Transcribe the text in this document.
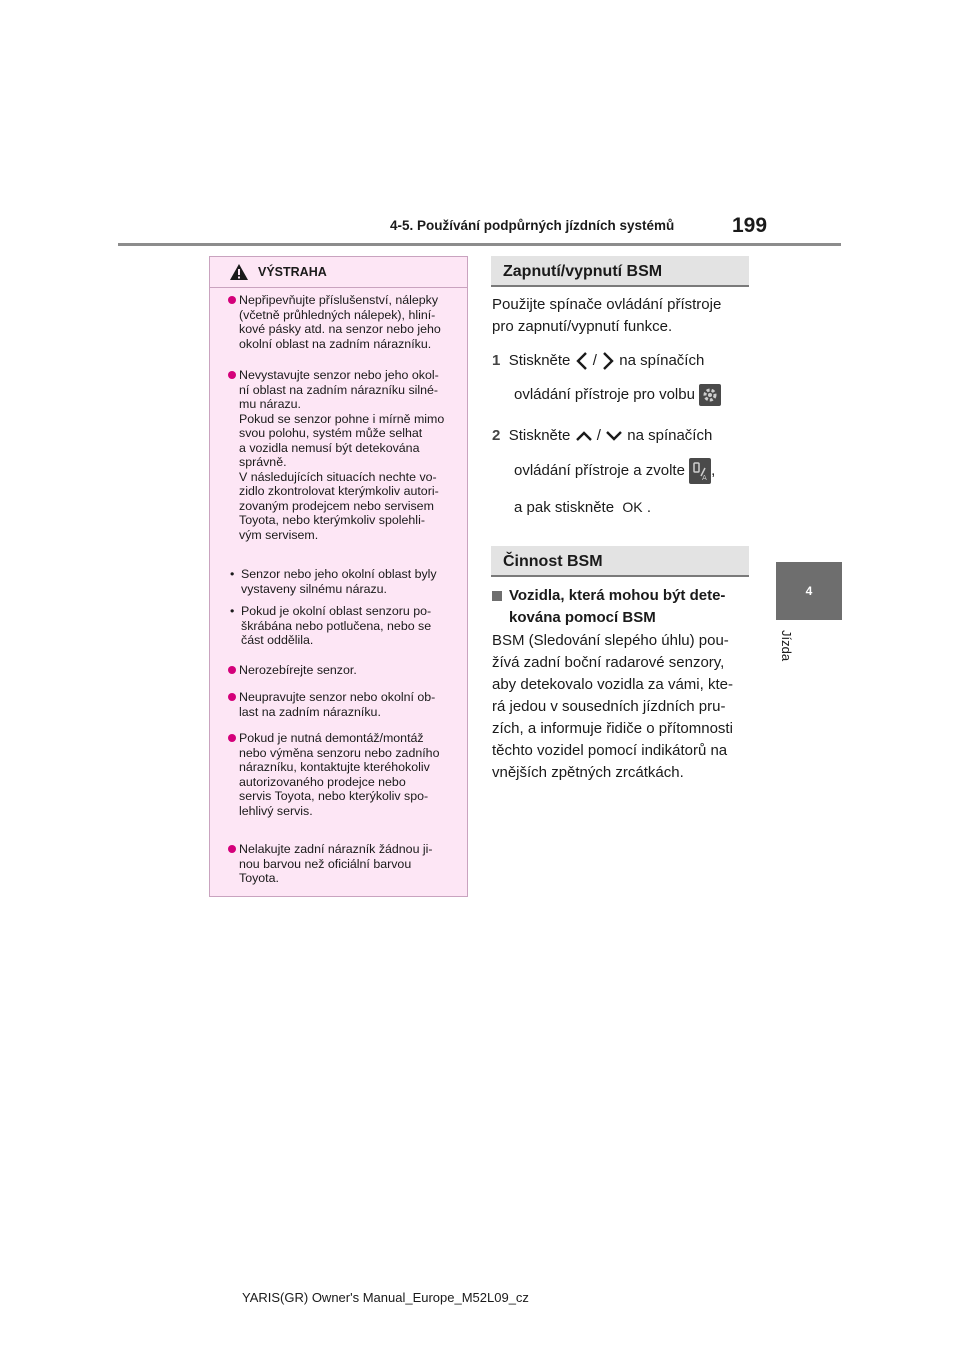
4-5. Používání podpůrných jízdních systémů	199
4
Jízda
VÝSTRAHA
Nepřipevňujte příslušenství, nálepky
(včetně průhledných nálepek), hliní-
kové pásky atd. na senzor nebo jeho
okolní oblast na zadním nárazníku.
Nevystavujte senzor nebo jeho okol-
ní oblast na zadním nárazníku silné-
mu nárazu.
Pokud se senzor pohne i mírně mimo
svou polohu, systém může selhat
a vozidla nemusí být detekována
správně.
V následujících situacích nechte vo-
zidlo zkontrolovat kterýmkoliv autori-
zovaným prodejcem nebo servisem
Toyota, nebo kterýmkoliv spolehli-
vým servisem.
• Senzor nebo jeho okolní oblast byly
vystaveny silnému nárazu.
• Pokud je okolní oblast senzoru po-
škrábána nebo potlučena, nebo se
část oddělila.
Nerozebírejte senzor.
Neupravujte senzor nebo okolní ob-
last na zadním nárazníku.
Pokud je nutná demontáž/montáž
nebo výměna senzoru nebo zadního
nárazníku, kontaktujte kteréhokoliv
autorizovaného prodejce nebo
servis Toyota, nebo kterýkoliv spo-
lehlivý servis.
Nelakujte zadní nárazník žádnou ji-
nou barvou než oficiální barvou
Toyota.
Zapnutí/vypnutí BSM
Použijte spínače ovládání přístroje
pro zapnutí/vypnutí funkce.
1 Stiskněte / na spínačích
ovládání přístroje pro volbu
2 Stiskněte / na spínačích
ovládání přístroje a zvolte A ,
a pak stiskněte OK .
Činnost BSM
Vozidla, která mohou být dete-
kována pomocí BSM
BSM (Sledování slepého úhlu) pou-
žívá zadní boční radarové senzory,
aby detekovalo vozidla za vámi, kte-
rá jedou v sousedních jízdních pru-
zích, a informuje řidiče o přítomnosti
těchto vozidel pomocí indikátorů na
vnějších zpětných zrcátkách.
YARIS(GR) Owner's Manual_Europe_M52L09_cz
